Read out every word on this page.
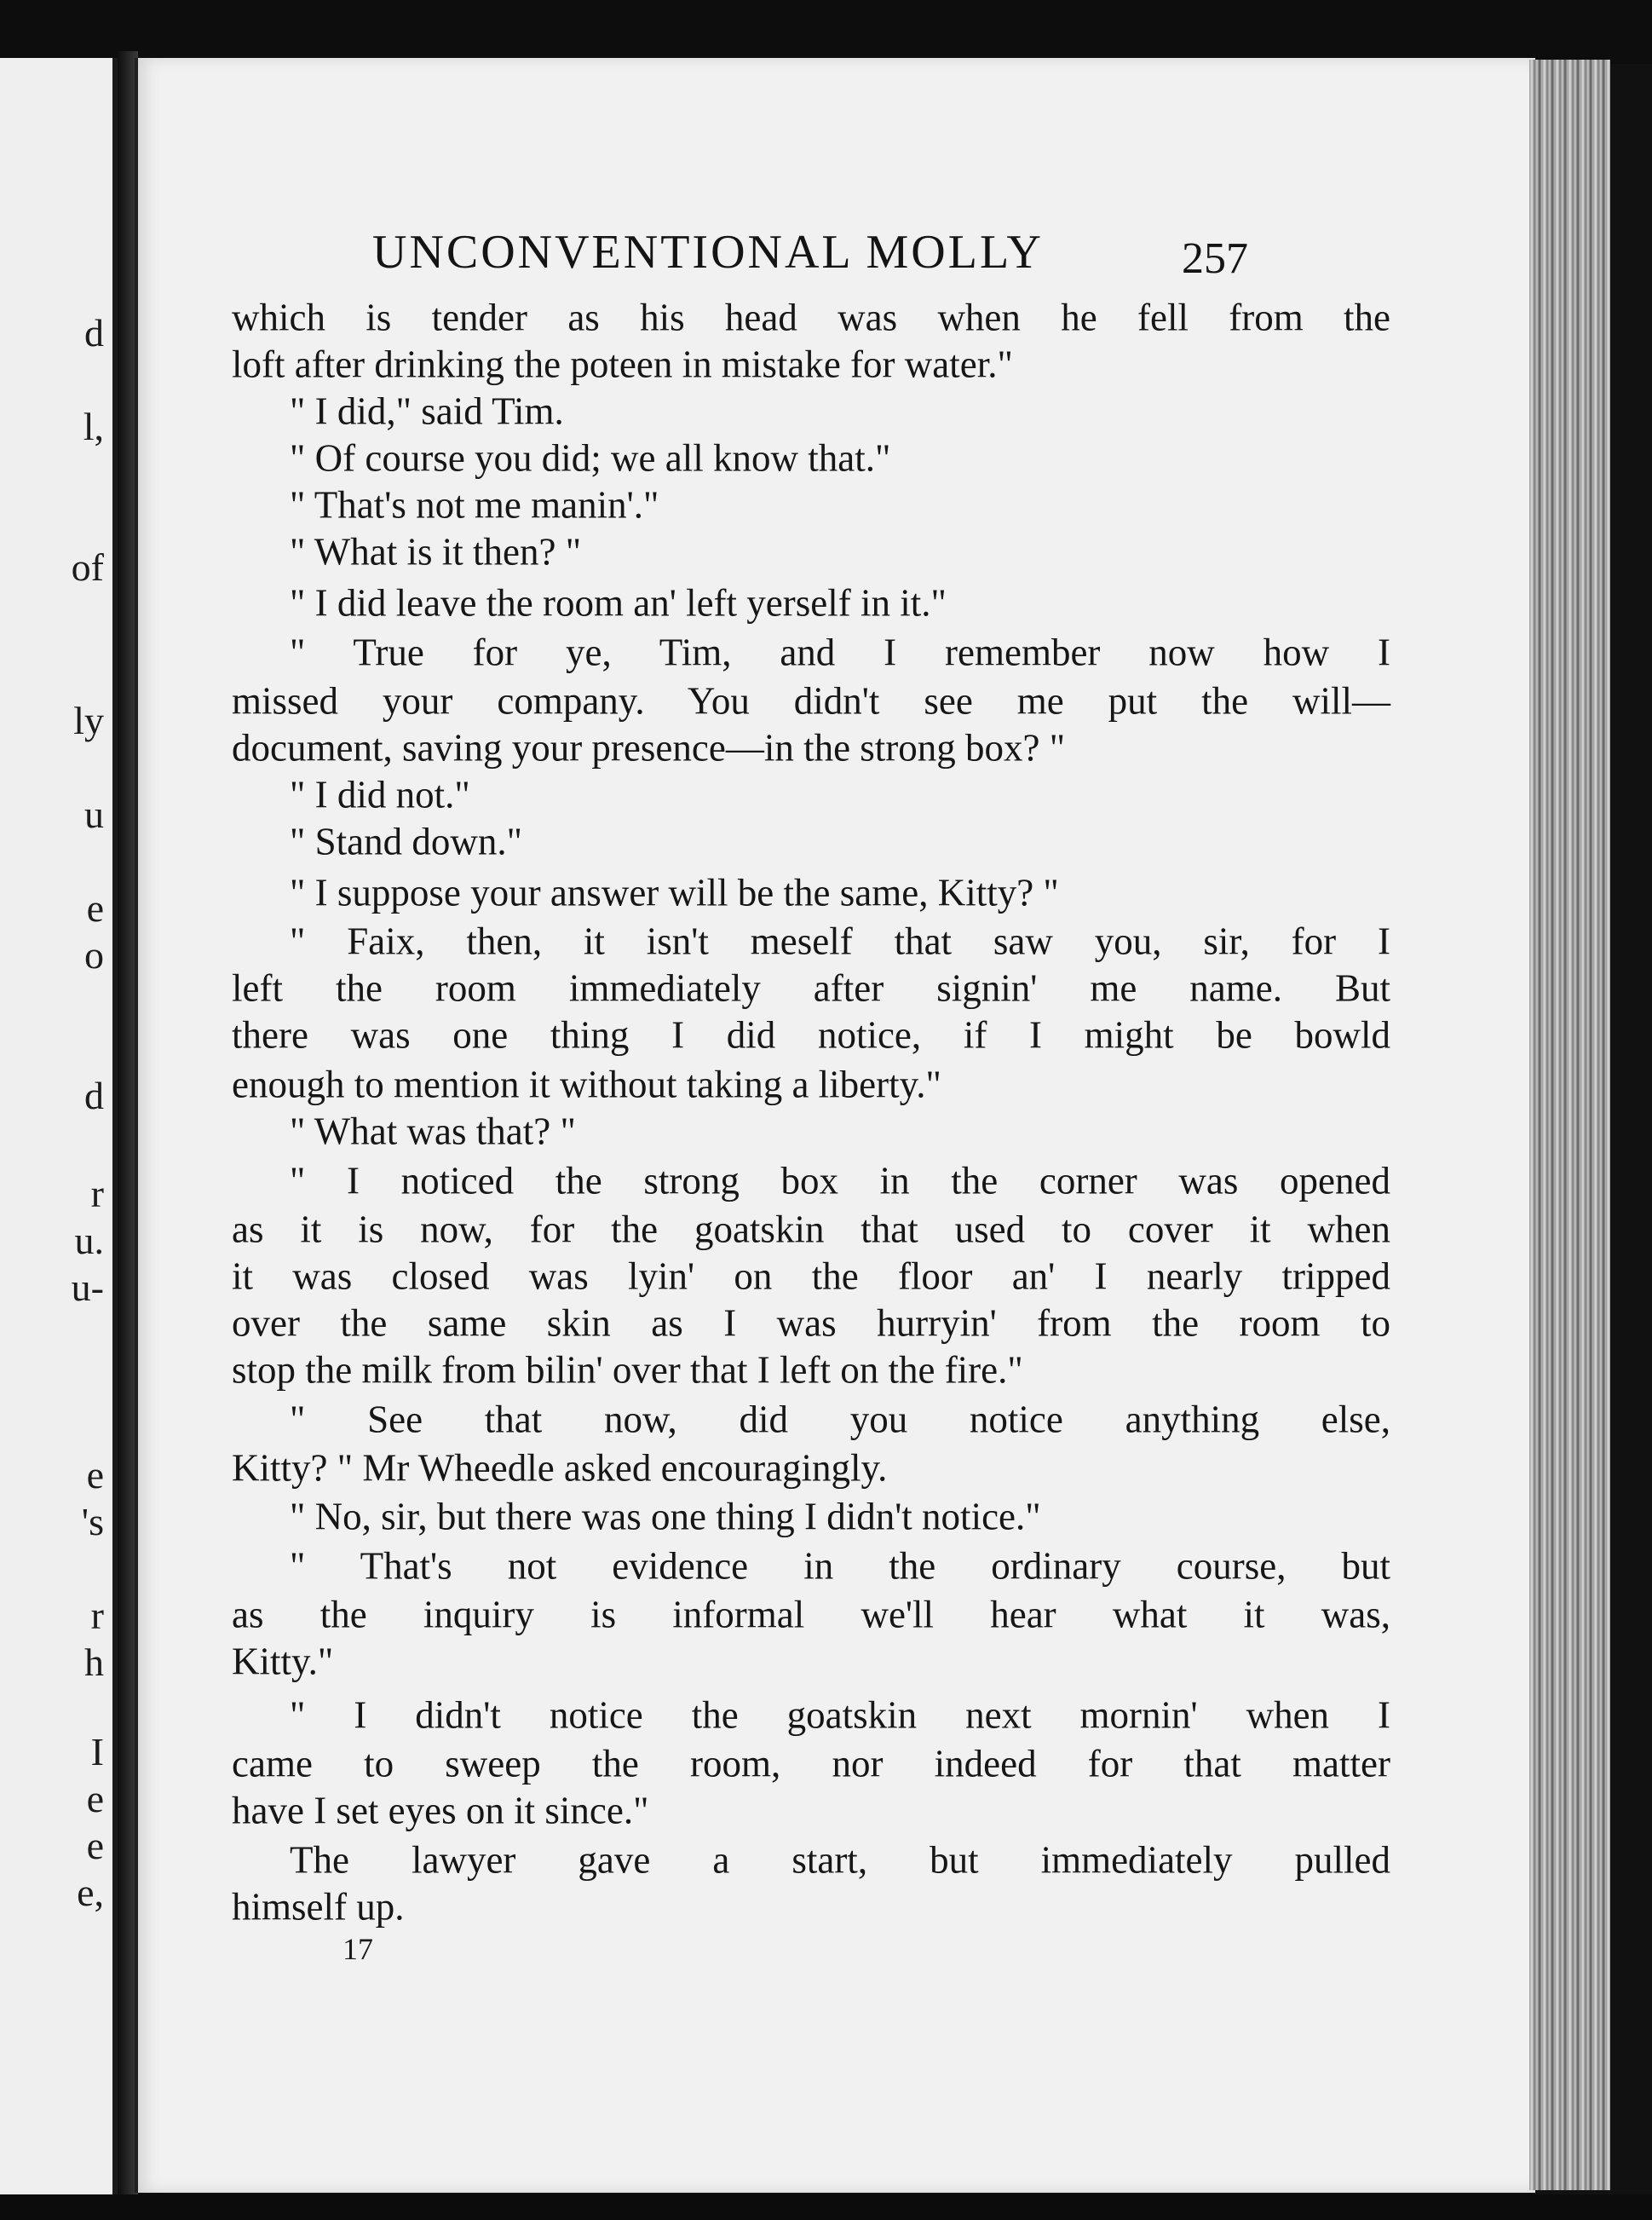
d
l,
of
ly
u
e
o
d
r
u.
u-
e
's
r
h
I
e
e
e,
UNCONVENTIONAL MOLLY	257

which is tender as his head was when he fell from the

loft after drinking the poteen in mistake for water."

" I did," said Tim.

" Of course you did; we all know that."

" That's not me manin'."

" What is it then? "

" I did leave the room an' left yerself in it."

" True for ye, Tim, and I remember now how I

missed your company. You didn't see me put the will—

document, saving your presence—in the strong box? "

" I did not."

" Stand down."

" I suppose your answer will be the same, Kitty? "

" Faix, then, it isn't meself that saw you, sir, for I

left the room immediately after signin' me name. But

there was one thing I did notice, if I might be bowld

enough to mention it without taking a liberty."

" What was that? "

" I noticed the strong box in the corner was opened

as it is now, for the goatskin that used to cover it when

it was closed was lyin' on the floor an' I nearly tripped

over the same skin as I was hurryin' from the room to

stop the milk from bilin' over that I left on the fire."

" See that now, did you notice anything else,

Kitty? " Mr Wheedle asked encouragingly.

" No, sir, but there was one thing I didn't notice."

" That's not evidence in the ordinary course, but

as the inquiry is informal we'll hear what it was,

Kitty."

" I didn't notice the goatskin next mornin' when I

came to sweep the room, nor indeed for that matter

have I set eyes on it since."

The lawyer gave a start, but immediately pulled

himself up.

17
